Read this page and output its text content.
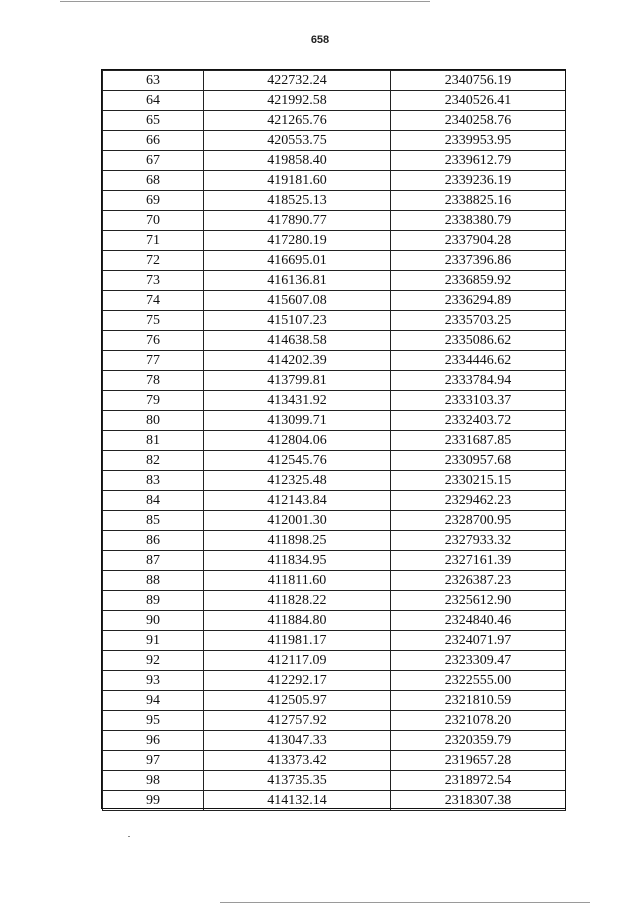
658
63	422732.24	2340756.19
64	421992.58	2340526.41
65	421265.76	2340258.76
66	420553.75	2339953.95
67	419858.40	2339612.79
68	419181.60	2339236.19
69	418525.13	2338825.16
70	417890.77	2338380.79
71	417280.19	2337904.28
72	416695.01	2337396.86
73	416136.81	2336859.92
74	415607.08	2336294.89
75	415107.23	2335703.25
76	414638.58	2335086.62
77	414202.39	2334446.62
78	413799.81	2333784.94
79	413431.92	2333103.37
80	413099.71	2332403.72
81	412804.06	2331687.85
82	412545.76	2330957.68
83	412325.48	2330215.15
84	412143.84	2329462.23
85	412001.30	2328700.95
86	411898.25	2327933.32
87	411834.95	2327161.39
88	411811.60	2326387.23
89	411828.22	2325612.90
90	411884.80	2324840.46
91	411981.17	2324071.97
92	412117.09	2323309.47
93	412292.17	2322555.00
94	412505.97	2321810.59
95	412757.92	2321078.20
96	413047.33	2320359.79
97	413373.42	2319657.28
98	413735.35	2318972.54
99	414132.14	2318307.38
